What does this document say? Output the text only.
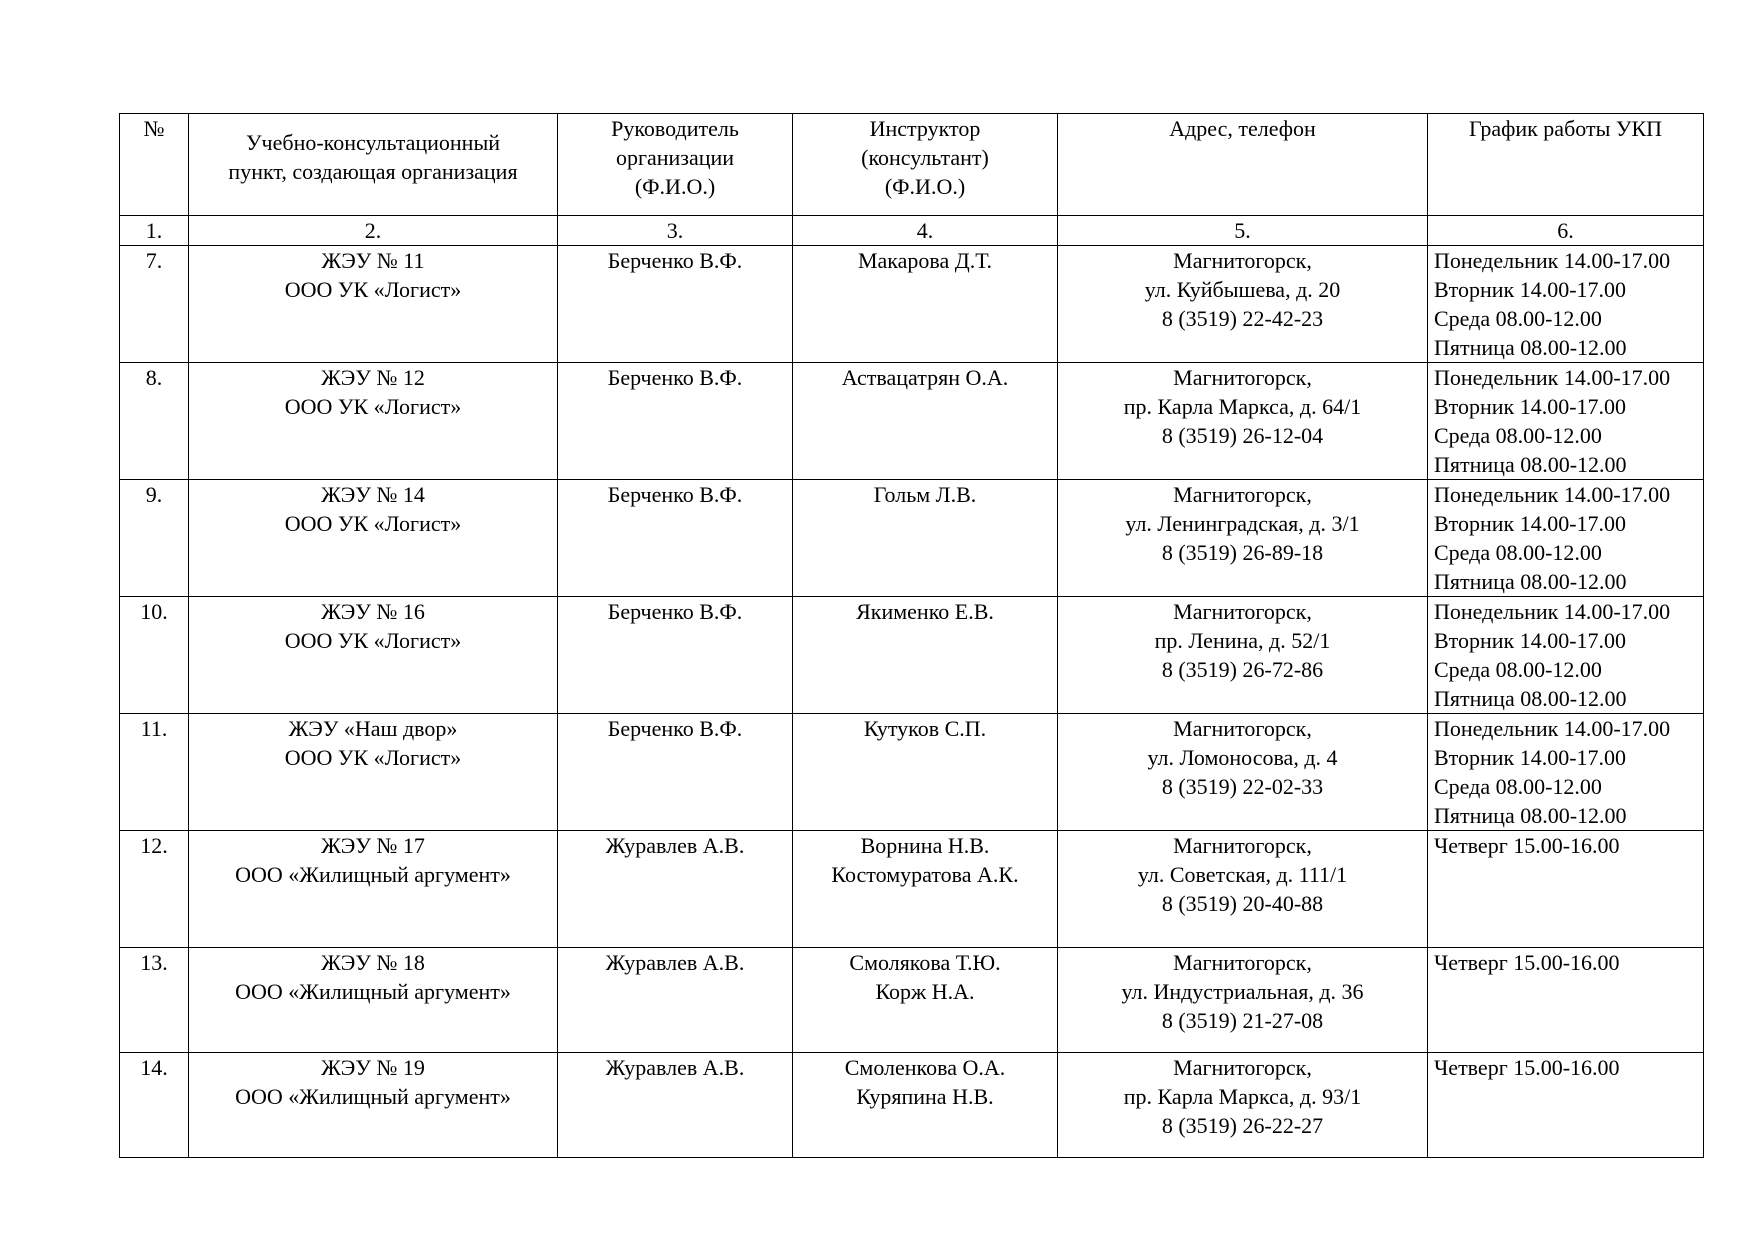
№	Учебно-консультационный
пункт, создающая организация	Руководитель
организации
(Ф.И.О.)	Инструктор
(консультант)
(Ф.И.О.)	Адрес, телефон	График работы УКП

1.	2.	3.	4.	5.	6.

7.	ЖЭУ № 11
ООО УК «Логист»	Берченко В.Ф.	Макарова Д.Т.	Магнитогорск,
ул. Куйбышева, д. 20
8 (3519) 22-42-23	Понедельник 14.00-17.00
Вторник 14.00-17.00
Среда 08.00-12.00
Пятница 08.00-12.00

8.	ЖЭУ № 12
ООО УК «Логист»	Берченко В.Ф.	Аствацатрян О.А.	Магнитогорск,
пр. Карла Маркса, д. 64/1
8 (3519) 26-12-04	Понедельник 14.00-17.00
Вторник 14.00-17.00
Среда 08.00-12.00
Пятница 08.00-12.00

9.	ЖЭУ № 14
ООО УК «Логист»	Берченко В.Ф.	Гольм Л.В.	Магнитогорск,
ул. Ленинградская, д. 3/1
8 (3519) 26-89-18	Понедельник 14.00-17.00
Вторник 14.00-17.00
Среда 08.00-12.00
Пятница 08.00-12.00

10.	ЖЭУ № 16
ООО УК «Логист»	Берченко В.Ф.	Якименко Е.В.	Магнитогорск,
пр. Ленина, д. 52/1
8 (3519) 26-72-86	Понедельник 14.00-17.00
Вторник 14.00-17.00
Среда 08.00-12.00
Пятница 08.00-12.00

11.	ЖЭУ «Наш двор»
ООО УК «Логист»	Берченко В.Ф.	Кутуков С.П.	Магнитогорск,
ул. Ломоносова, д. 4
8 (3519) 22-02-33	Понедельник 14.00-17.00
Вторник 14.00-17.00
Среда 08.00-12.00
Пятница 08.00-12.00

12.	ЖЭУ № 17
ООО «Жилищный аргумент»	Журавлев А.В.	Ворнина Н.В.
Костомуратова А.К.	Магнитогорск,
ул. Советская, д. 111/1
8 (3519) 20-40-88	Четверг 15.00-16.00

13.	ЖЭУ № 18
ООО «Жилищный аргумент»	Журавлев А.В.	Смолякова Т.Ю.
Корж Н.А.	Магнитогорск,
ул. Индустриальная, д. 36
8 (3519) 21-27-08	Четверг 15.00-16.00

14.	ЖЭУ № 19
ООО «Жилищный аргумент»	Журавлев А.В.	Смоленкова О.А.
Куряпина Н.В.	Магнитогорск,
пр. Карла Маркса, д. 93/1
8 (3519) 26-22-27	Четверг 15.00-16.00
